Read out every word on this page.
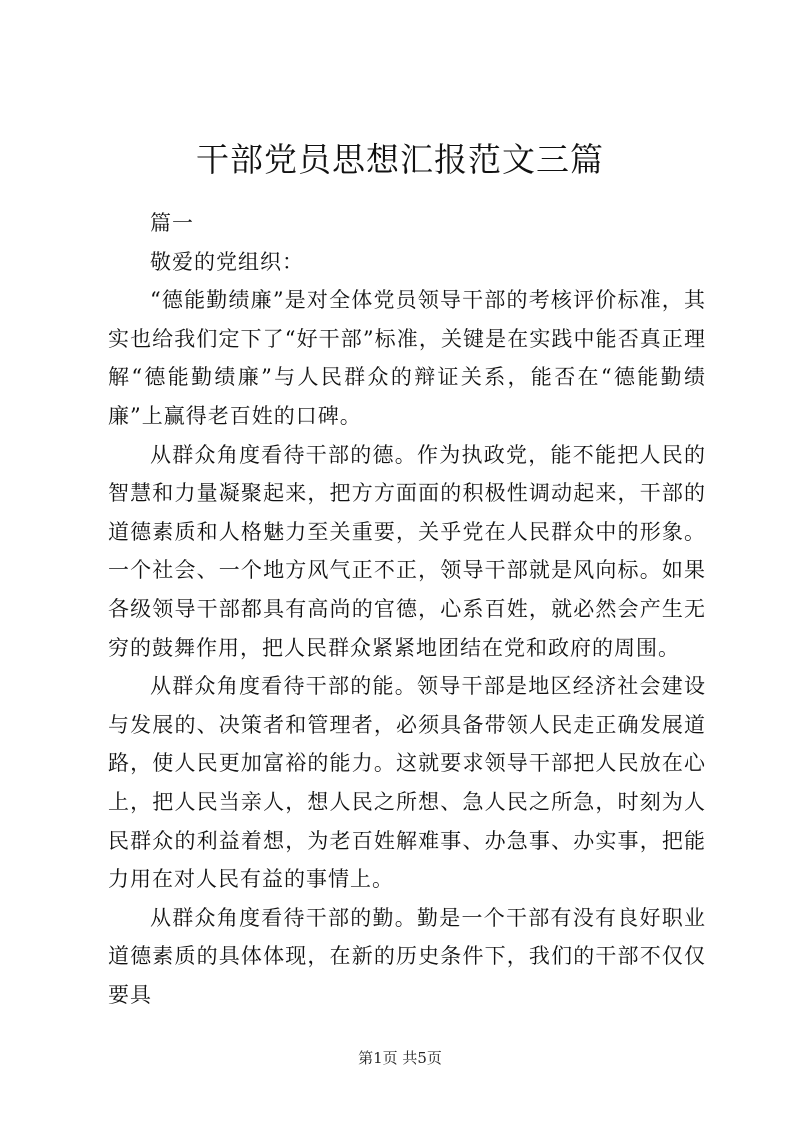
干部党员思想汇报范文三篇

篇一

敬爱的党组织：

“德能勤绩廉”是对全体党员领导干部的考核评价标准，其实也给我们定下了“好干部”标准，关键是在实践中能否真正理解“德能勤绩廉”与人民群众的辩证关系，能否在“德能勤绩廉”上赢得老百姓的口碑。

从群众角度看待干部的德。作为执政党，能不能把人民的智慧和力量凝聚起来，把方方面面的积极性调动起来，干部的道德素质和人格魅力至关重要，关乎党在人民群众中的形象。一个社会、一个地方风气正不正，领导干部就是风向标。如果各级领导干部都具有高尚的官德，心系百姓，就必然会产生无穷的鼓舞作用，把人民群众紧紧地团结在党和政府的周围。

从群众角度看待干部的能。领导干部是地区经济社会建设与发展的、决策者和管理者，必须具备带领人民走正确发展道路，使人民更加富裕的能力。这就要求领导干部把人民放在心上，把人民当亲人，想人民之所想、急人民之所急，时刻为人民群众的利益着想，为老百姓解难事、办急事、办实事，把能力用在对人民有益的事情上。

从群众角度看待干部的勤。勤是一个干部有没有良好职业道德素质的具体体现，在新的历史条件下，我们的干部不仅仅要具

第1页 共5页
